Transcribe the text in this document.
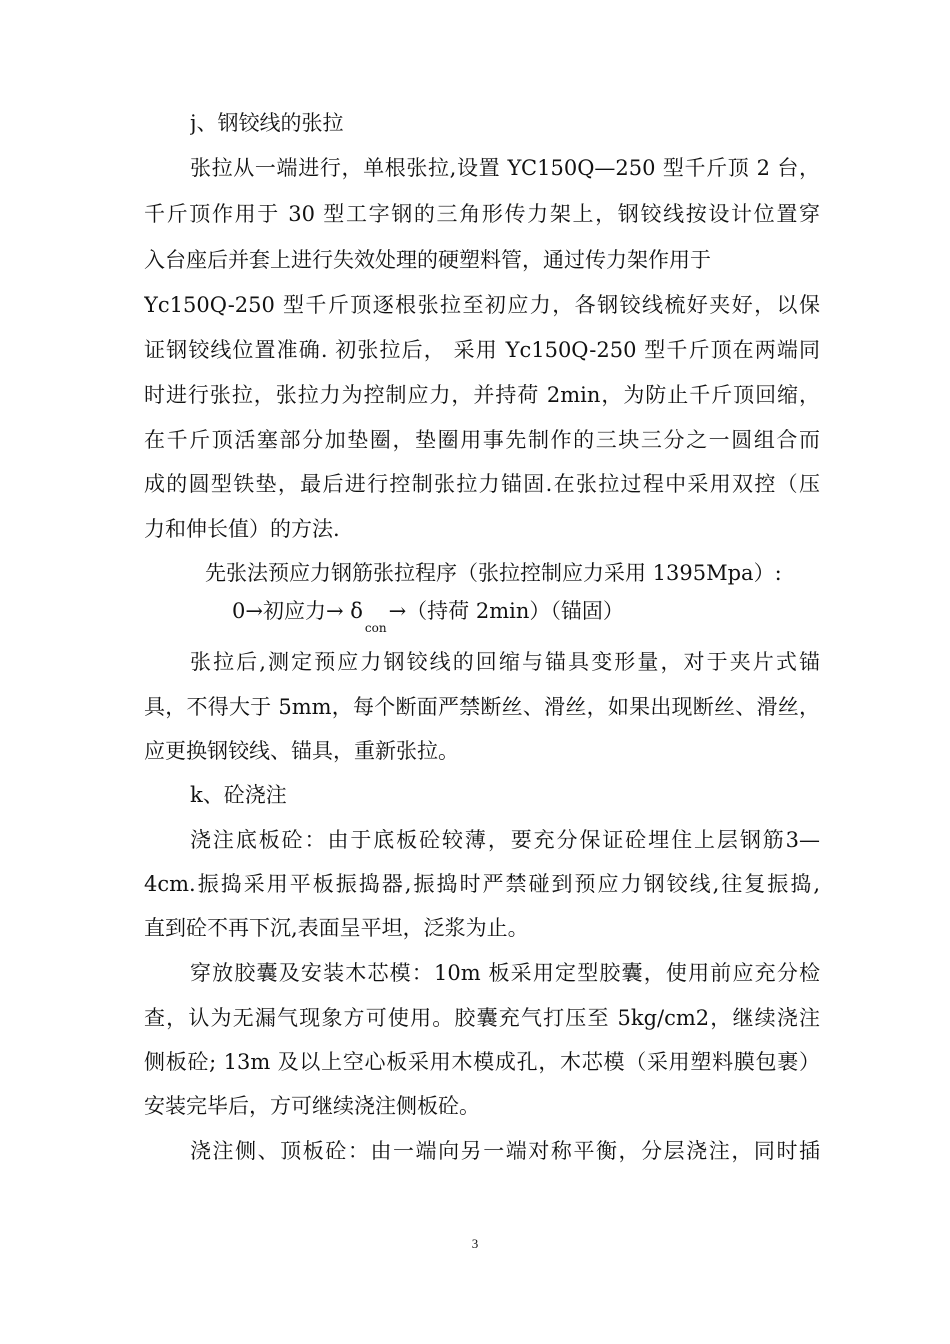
j、钢铰线的张拉
张拉从一端进行，单根张拉,设置 YC150Q—250 型千斤顶 2 台，
千斤顶作用于 30 型工字钢的三角形传力架上，钢铰线按设计位置穿
入台座后并套上进行失效处理的硬塑料管，通过传力架作用于
Yc150Q-250 型千斤顶逐根张拉至初应力，各钢铰线梳好夹好，以保
证钢铰线位置准确. 初张拉后， 采用 Yc150Q-250 型千斤顶在两端同
时进行张拉，张拉力为控制应力，并持荷 2min，为防止千斤顶回缩，
在千斤顶活塞部分加垫圈，垫圈用事先制作的三块三分之一圆组合而
成的圆型铁垫，最后进行控制张拉力锚固.在张拉过程中采用双控（压
力和伸长值）的方法.
先张法预应力钢筋张拉程序（张拉控制应力采用 1395Mpa）:
0→初应力→ $\delta_{con}\to$（持荷 2min）（锚固）
张拉后,测定预应力钢铰线的回缩与锚具变形量，对于夹片式锚
具，不得大于 5mm，每个断面严禁断丝、滑丝，如果出现断丝、滑丝，
应更换钢铰线、锚具，重新张拉。
k、砼浇注
浇注底板砼：由于底板砼较薄，要充分保证砼埋住上层钢筋3—
4cm.振捣采用平板振捣器,振捣时严禁碰到预应力钢铰线,往复振捣,
直到砼不再下沉,表面呈平坦，泛浆为止。
穿放胶囊及安装木芯模：10m 板采用定型胶囊，使用前应充分检
查，认为无漏气现象方可使用。胶囊充气打压至 5kg/cm2，继续浇注
侧板砼; 13m 及以上空心板采用木模成孔，木芯模（采用塑料膜包裹）
安装完毕后，方可继续浇注侧板砼。
浇注侧、顶板砼：由一端向另一端对称平衡，分层浇注，同时插
3
